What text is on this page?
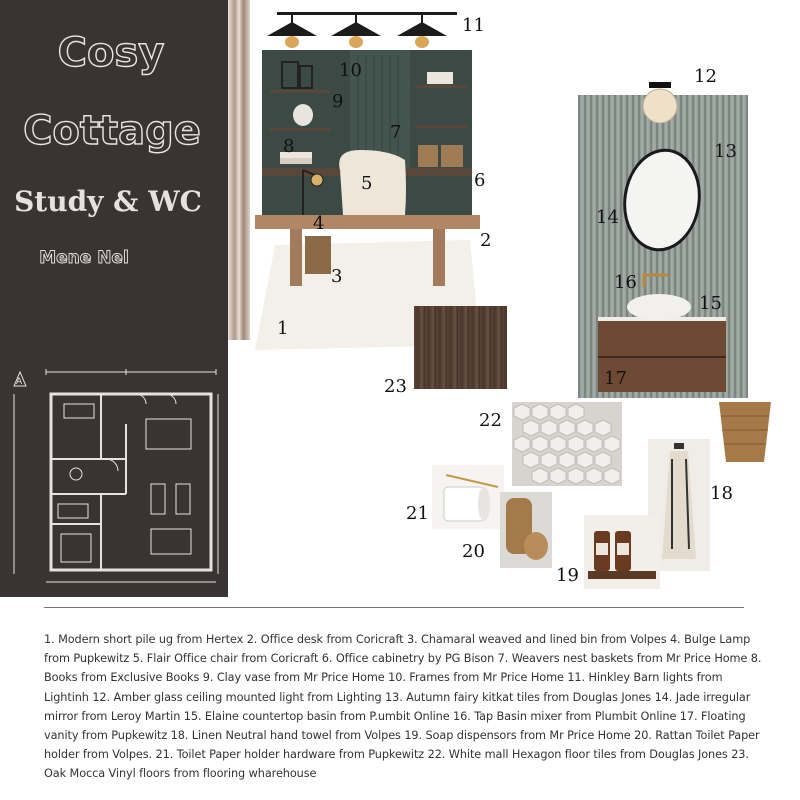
Cosy
Cottage
Study & WC
Mene Nel
A
10
9
7
8
5
4
3
1
11
6
2
23
12
13
14
16
15
17
18
22
21
20
19
1. Modern short pile ug from Hertex 2. Office desk from Coricraft 3. Chamaral weaved and lined bin from Volpes 4. Bulge Lamp from Pupkewitz 5. Flair Office chair from Coricraft 6. Office cabinetry by PG Bison 7. Weavers nest baskets from Mr Price Home 8. Books from Exclusive Books 9. Clay vase from Mr Price Home 10. Frames from Mr Price Home 11. Hinkley Barn lights from Lightinh 12. Amber glass ceiling mounted light from Lighting 13. Autumn fairy kitkat tiles from Douglas Jones 14. Jade irregular mirror from Leroy Martin 15. Elaine countertop basin from P.umbit Online 16. Tap Basin mixer from Plumbit Online 17. Floating vanity from Pupkewitz 18. Linen Neutral hand towel from Volpes 19. Soap dispensors from Mr Price Home 20. Rattan Toilet Paper holder from Volpes. 21. Toilet Paper holder hardware from Pupkewitz 22. White mall Hexagon floor tiles from Douglas Jones 23. Oak Mocca Vinyl floors from flooring wharehouse
